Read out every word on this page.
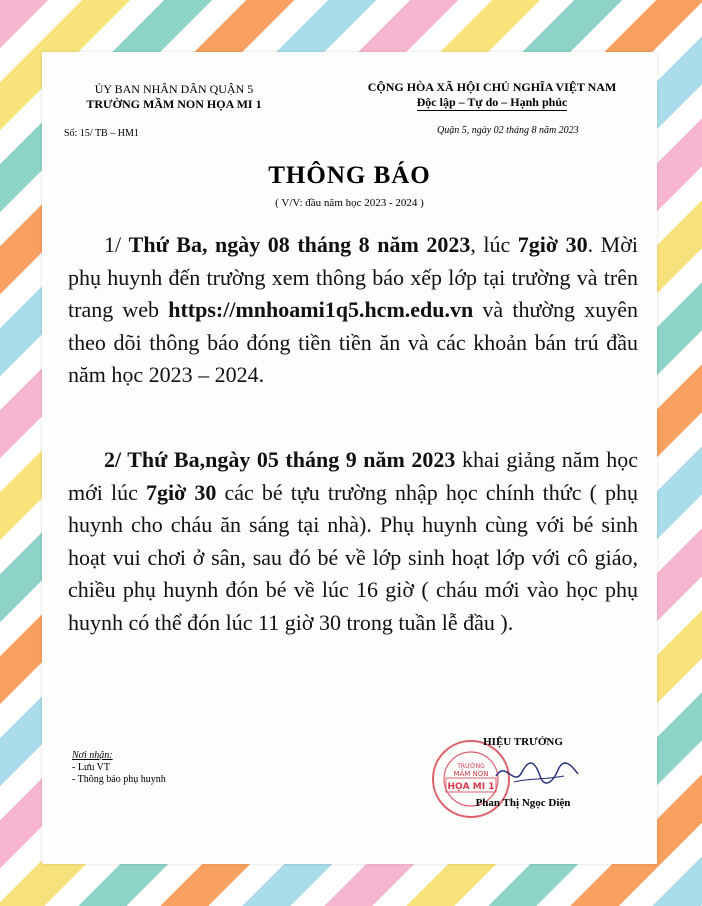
ỦY BAN NHÂN DÂN QUẬN 5
TRƯỜNG MẦM NON HỌA MI 1
CỘNG HÒA XÃ HỘI CHỦ NGHĨA VIỆT NAM
Độc lập – Tự do – Hạnh phúc
Số: 15/ TB – HM1	Quận 5, ngày 02 tháng 8 năm 2023
THÔNG BÁO
( V/V: đầu năm học 2023 - 2024 )
1/ Thứ Ba, ngày 08 tháng 8 năm 2023, lúc 7giờ 30. Mời phụ huynh đến trường xem thông báo xếp lớp tại trường và trên trang web https://mnhoami1q5.hcm.edu.vn và thường xuyên theo dõi thông báo đóng tiền tiền ăn và các khoản bán trú đầu năm học 2023 – 2024.
2/ Thứ Ba,ngày 05 tháng 9 năm 2023 khai giảng năm học mới lúc 7giờ 30 các bé tựu trường nhập học chính thức ( phụ huynh cho cháu ăn sáng tại nhà). Phụ huynh cùng với bé sinh hoạt vui chơi ở sân, sau đó bé về lớp sinh hoạt lớp với cô giáo, chiều phụ huynh đón bé về lúc 16 giờ ( cháu mới vào học phụ huynh có thể đón lúc 11 giờ 30 trong tuần lễ đầu ).
Nơi nhận:
- Lưu VT
- Thông báo phụ huynh
TRƯỜNG
MẦM NON
HỌA MI 1
HIỆU TRƯỞNG
Phan Thị Ngọc Diện
